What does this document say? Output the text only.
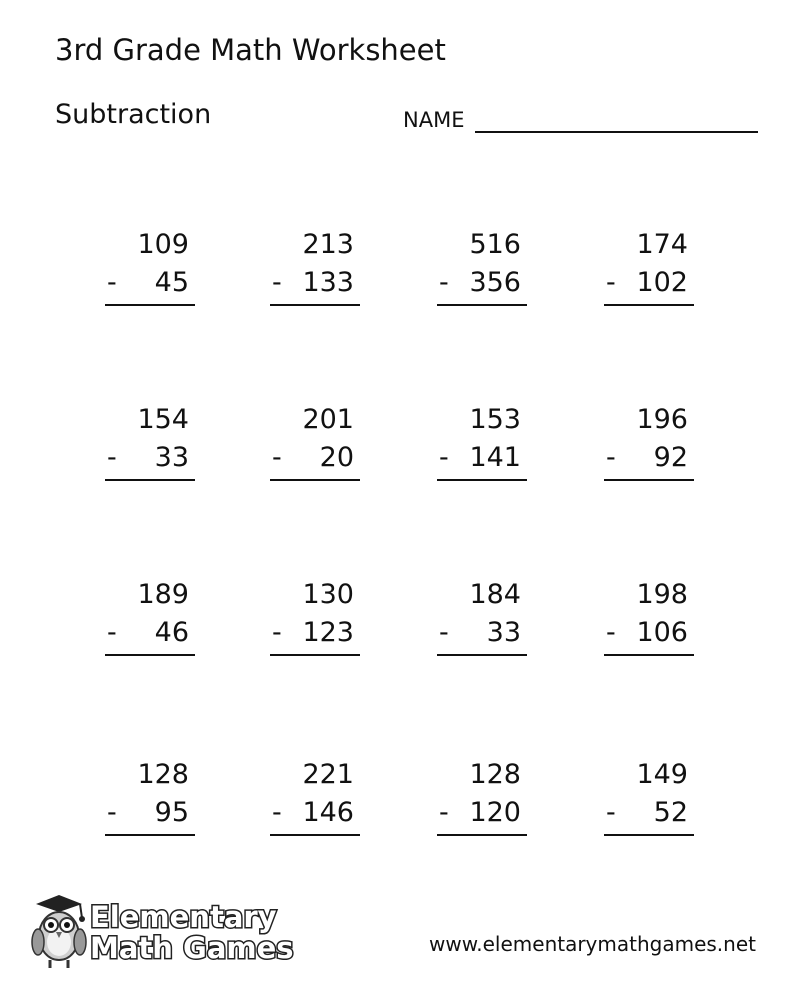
3rd Grade Math Worksheet
Subtraction	NAME
109
- 45
213
- 133
516
- 356
174
- 102
154
- 33
201
- 20
153
- 141
196
- 92
189
- 46
130
- 123
184
- 33
198
- 106
128
- 95
221
- 146
128
- 120
149
- 52
Elementary
Math Games	www.elementarymathgames.net
